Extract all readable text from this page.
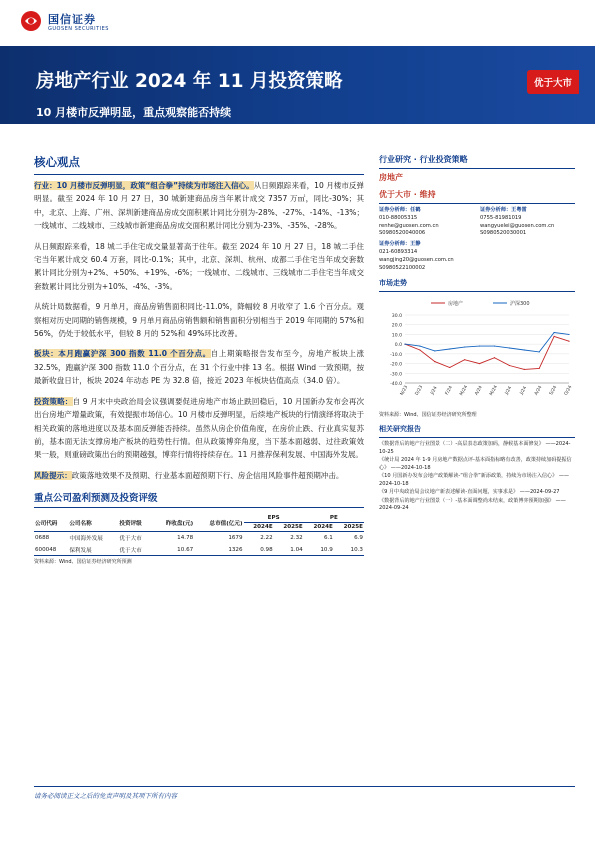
国信证券
GUOSEN SECURITIES
房地产行业 2024 年 11 月投资策略
10 月楼市反弹明显，重点观察能否持续
优于大市
核心观点

行业：10 月楼市反弹明显，政策“组合拳”持续为市场注入信心。从日频跟踪来看，10 月楼市反弹明显。截至 2024 年 10 月 27 日，30 城新建商品房当年累计成交 7357 万㎡，同比-30%；其中，北京、上海、广州、深圳新建商品房成交面积累计同比分别为-28%、-27%、-14%、-13%；一线城市、二线城市、三线城市新建商品房成交面积累计同比分别为-23%、-35%、-28%。

从日频跟踪来看，18 城二手住宅成交量显著高于往年。截至 2024 年 10 月 27 日，18 城二手住宅当年累计成交 60.4 万套，同比-0.1%；其中，北京、深圳、杭州、成都二手住宅当年成交套数累计同比分别为+2%、+50%、+19%、-6%；一线城市、二线城市、三线城市二手住宅当年成交套数累计同比分别为+10%、-4%、-3%。

从统计局数据看，9 月单月，商品房销售面积同比-11.0%，降幅较 8 月收窄了 1.6 个百分点。观察相对历史同期的销售规模，9 月单月商品房销售额和销售面积分别相当于 2019 年同期的 57%和 56%，仍处于较低水平，但较 8 月的 52%和 49%环比改善。

板块：本月跑赢沪深 300 指数 11.0 个百分点。自上期策略报告发布至今，房地产板块上涨 32.5%，跑赢沪深 300 指数 11.0 个百分点，在 31 个行业中排 13 名。根据 Wind 一致预期，按最新收盘日计，板块 2024 年动态 PE 为 32.8 倍，接近 2023 年板块估值高点（34.0 倍）。

投资策略：自 9 月末中央政治局会议强调要促进房地产市场止跌回稳后，10 月国新办发布会再次出台房地产增量政策，有效提振市场信心。10 月楼市反弹明显，后续地产板块的行情演绎将取决于相关政策的落地进度以及基本面反弹能否持续。虽然从房企价值角度，在房价止跌、行业真实复苏前，基本面无法支撑房地产板块的趋势性行情。但从政策博弈角度，当下基本面越弱、过往政策效果一般，则重磅政策出台的预期越强，博弈行情将持续存在。11 月推荐保利发展、中国海外发展。

风险提示：政策落地效果不及预期、行业基本面超预期下行、房企信用风险事件超预期冲击。

重点公司盈利预测及投资评级
公司代码	公司名称	投资评级	昨收盘(元)	总市值(亿元)	EPS		PE	
					2024E	2025E	2024E	2025E
0688	中国海外发展	优于大市	14.78	1679	2.22	2.32	6.1	6.9
600048	保利发展	优于大市	10.67	1326	0.98	1.04	10.9	10.3
资料来源：Wind、国信证券经济研究所预测
行业研究 · 行业投资策略
房地产
优于大市 · 维持
证券分析师：任鹤
010-88005315
renhe@guosen.com.cn
S0980520040006
证券分析师：王粤雷
0755-81981019
wangyuelei@guosen.com.cn
S0980520030001
证券分析师：王静
021-60893314
wangjing20@guosen.com.cn
S0980522100002
市场走势
房地产	沪深300
-40.0
-30.0
-20.0
-10.0
0.0
10.0
20.0
30.0
N/23 D/23	J/24 F/24 M/24 A/24 M/24	J/24	J/24 A/24 S/24 O/24
资料来源：Wind、国信证券经济研究所整理
相关研究报告
《数据背后的地产行业图景（二）-高层表态政策加码，静候基本面修复》 ——2024-10-25
《统计局 2024 年 1-9 月房地产数据点评-基本面指标略有改善，政策持续加码提振信心》 ——2024-10-18
《10 月国新办发布会地产政策解读-“组合拳”新添政策，持续为市场注入信心》 ——2024-10-18
《9 月中央政治局会议地产新表述解读-直面问题，实事求是》 ——2024-09-27
《数据背后的地产行业图景（一）-基本面调整尚未结束，政策博弈预期加强》 ——2024-09-24
请务必阅读正文之后的免责声明及其项下所有内容
